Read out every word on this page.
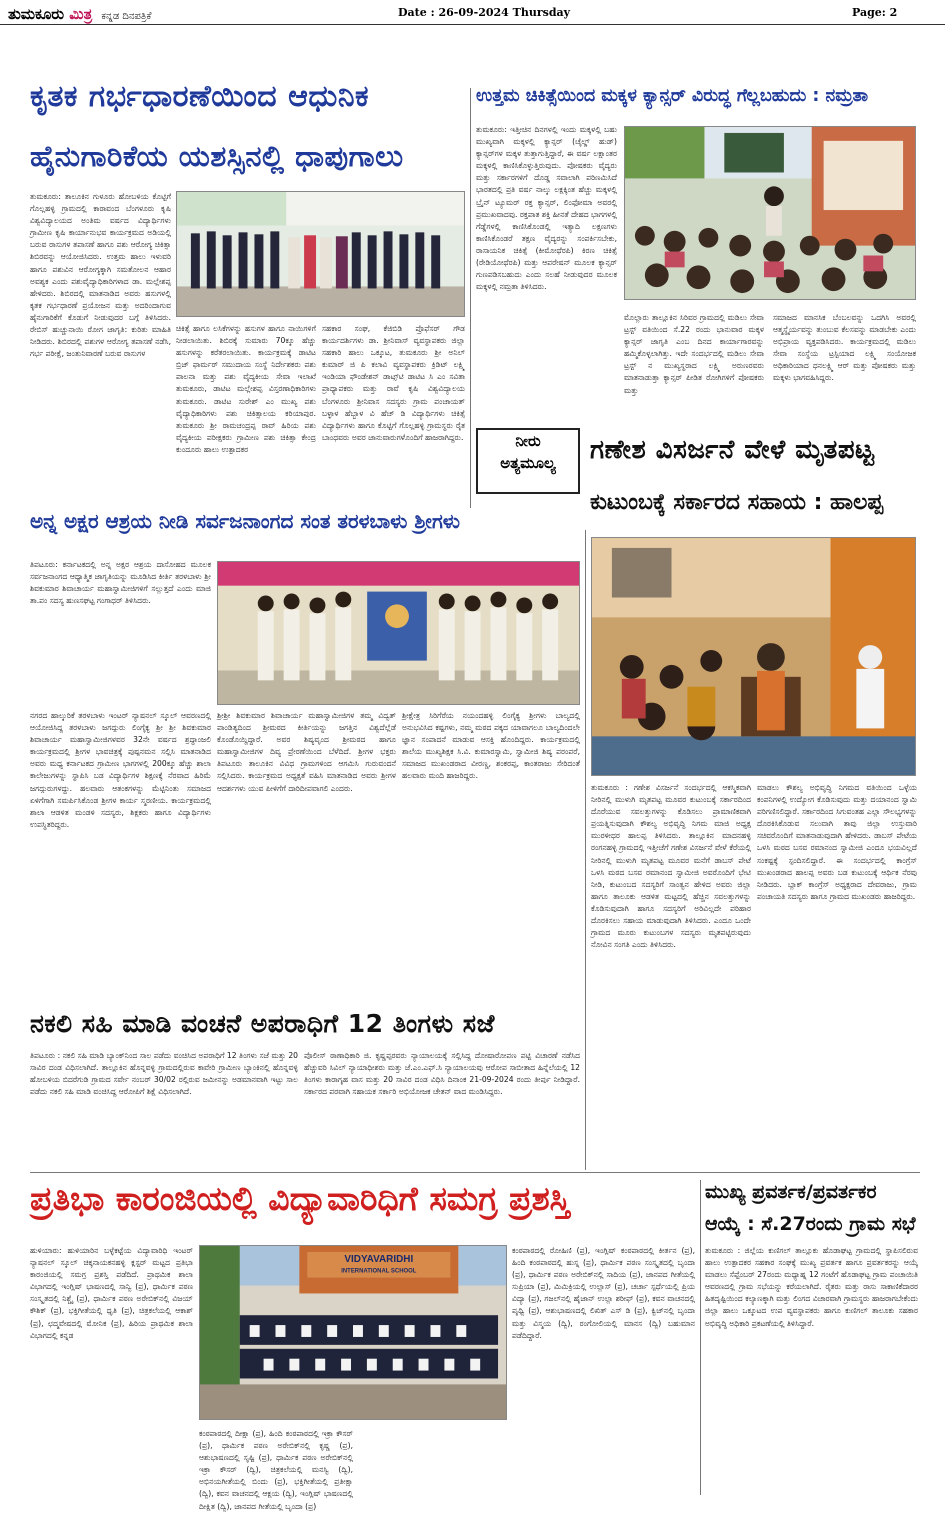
ತುಮಕೂರು ಮಿತ್ರ ಕನ್ನಡ ದಿನಪತ್ರಿಕೆ	Date : 26-09-2024 Thursday	Page: 2
ಕೃತಕ ಗರ್ಭಧಾರಣೆಯಿಂದ ಆಧುನಿಕ
ಹೈನುಗಾರಿಕೆಯ ಯಶಸ್ಸಿನಲ್ಲಿ ಧಾಪುಗಾಲು
ತುಮಕೂರು: ತಾಲೂಕಿನ ಗುಳೂರು ಹೋಬಳಿಯ ಕೊಟ್ಟಿಗೆ ಗೊಲ್ಲಹಳ್ಳಿ ಗ್ರಾಮದಲ್ಲಿ ಕಾರಾವಂದ ಬೆಂಗಳೂರು ಕೃಷಿ ವಿಶ್ವವಿದ್ಯಾಲಯದ ಅಂತಿಮ ವರ್ಷದ ವಿದ್ಯಾರ್ಥಿಗಳು ಗ್ರಾಮೀಣ ಕೃಷಿ ಕಾರ್ಯಾನುಭವ ಕಾರ್ಯಕ್ರಮದ ಅಡಿಯಲ್ಲಿ ಬರುವ ರಾಸುಗಳ ತಪಾಸಣೆ ಹಾಗೂ ಪಶು ಆರೋಗ್ಯ ಚಿಕಿತ್ಸಾ ಶಿಬಿರವನ್ನು ಆಯೋಜಿಸಿದರು. ಉತ್ತಮ ಹಾಲು ಇಳುವರಿ ಹಾಗೂ ಪಶುವಿನ ಆರೋಗ್ಯಕ್ಕಾಗಿ ಸಮತೋಲನ ಆಹಾರ ಅವಶ್ಯಕ ಎಂದು ಪಶುವೈದ್ಯಾಧಿಕಾರಿಗಳಾದ ಡಾ. ಮಲ್ಲೇಶಪ್ಪ ಹೇಳಿದರು. ಶಿಬಿರದಲ್ಲಿ ಮಾತನಾಡಿದ ಅವರು ಹಸುಗಳಲ್ಲಿ ಕೃತಕ ಗರ್ಭಧಾರಣೆ ಪ್ರಯೋಜನ ಮತ್ತು ಅದರಿಂದಾಗುವ ಹೈನುಗಾರಿಕೆಗೆ ಕೊಡುಗೆ ನೀಡುವುದರ ಬಗ್ಗೆ ತಿಳಿಸಿದರು. ರೇಬಿಸ್ ಹುಚ್ಚುನಾಯಿ ರೋಗ ಜಾಗೃತಿ: ಕುರಿತು ಮಾಹಿತಿ ನೀಡಿದರು. ಶಿಬಿರದಲ್ಲಿ ಪಶುಗಳ ಆರೋಗ್ಯ ತಪಾಸಣೆ ನಡೆಸಿ, ಗರ್ಭ ಪರೀಕ್ಷೆ, ಜಂತುನಿವಾರಣೆ ಬರುವ ರಾಸುಗಳ
ಚಿಕಿತ್ಸೆ ಹಾಗೂ ಲಸಿಕೆಗಳನ್ನು ಹಸುಗಳ ಹಾಗೂ ನಾಯಿಗಳಿಗೆ ನೀಡಲಾಯಿತು. ಶಿಬಿರಕ್ಕೆ ಸುಮಾರು 70ಕ್ಕೂ ಹೆಚ್ಚು ಹಸುಗಳನ್ನು ಕರೆತರಲಾಯಿತು. ಕಾರ್ಯಕ್ರಮಕ್ಕೆ ಡಾಟಿಟ ಬ್ರಿಜ್ ಫಾರ್ಮರ್ ಸಮುದಾಯ ಸಂಸ್ಥೆ ನಿರ್ದೇಶಕರು ಪಶು ಪಾಲನಾ ಮತ್ತು ಪಶು ವೈದ್ಯಕೀಯ ಸೇವಾ ಇಲಾಖೆ ತುಮಕೂರು, ಡಾಟಿಟ ಮಲ್ಲೇಶಪ್ಪ ವಿಸ್ತರಣಾಧಿಕಾರಿಗಳು ತುಮಕೂರು. ಡಾಟಿಟ ಸುರೇಶ್ ಎಂ ಮುಖ್ಯ ಪಶು ವೈದ್ಯಾಧಿಕಾರಿಗಳು ಪಶು ಚಿಕಿತ್ಸಾಲಯ ಕರಿಯಾಪುರ. ತುಮಕೂರು ಶ್ರೀ ರಾಮಚಂದ್ರಪ್ಪ ರಾವ್ ಹಿರಿಯ ಪಶು ವೈದ್ಯಕೀಯ ಪರೀಕ್ಷಕರು ಗ್ರಾಮೀಣ ಪಶು ಚಿಕಿತ್ಸಾ ಕೇಂದ್ರ ಕುಂದೂರು ಹಾಲು ಉತ್ಪಾದಕರ
ಸಹಕಾರ ಸಂಘ, ಕೆಜಿಬಿಡಿ ಪ್ರೊಫೆಸರ್ ಗೌಡ ಕಾರ್ಯದರ್ಶಿಗಳು ಡಾ. ಶ್ರೀನಿವಾಸ್ ವ್ಯವಸ್ಥಾಪಕರು ಜಿಲ್ಲಾ ಸಹಕಾರಿ ಹಾಲು ಒಕ್ಕೂಟ, ತುಮಕೂರು ಶ್ರೀ ಅನಿಲ್ ಕುಮಾರ್ ಜಿ ಪಿ ಕಲಾವಿ ವ್ಯವಸ್ಥಾಪಕರು ಕ್ರಿಡಿಟ್ ಲಕ್ಷ್ಮಿ ಇಂಡಿಯಾ ಫೌಂಡೇಶನ್ ಡಾಟ್ಸ್‌ಟಿ ಡಾಟಿಟ ಸಿ ಎಂ ಸವಿತಾ ಪ್ರಾಧ್ಯಾಪಕರು ಮತ್ತು ರಾವೆ ಕೃಷಿ ವಿಶ್ವವಿದ್ಯಾಲಯ ಬೆಂಗಳೂರು ಶ್ರೀನಿವಾಸ ಸದಸ್ಯರು ಗ್ರಾಮ ಪಂಚಾಯತ್ ಬಳ್ಳಾಳ ಹೆಬ್ಬಾಳ ವಿ ಹೆಚ್ ಡಿ ವಿದ್ಯಾರ್ಥಿಗಳು ಚಿಕಿತ್ಸೆ ವಿದ್ಯಾರ್ಥಿಗಳು ಹಾಗೂ ಕೊಟ್ಟಿಗೆ ಗೊಲ್ಲಹಳ್ಳಿ ಗ್ರಾಮಸ್ಥರು ರೈತ ಬಾಂಧವರು ಅವರ ಜಾನುವಾರುಗಳೊಂದಿಗೆ ಹಾಜರಾಗಿದ್ದರು.
ಉತ್ತಮ ಚಿಕಿತ್ಸೆಯಿಂದ ಮಕ್ಕಳ ಕ್ಯಾನ್ಸರ್ ವಿರುದ್ಧ ಗೆಲ್ಲಬಹುದು : ನಮ್ರತಾ
ತುಮಕೂರು: ಇತ್ತೀಚಿನ ದಿನಗಳಲ್ಲಿ ಇಂದು ಮಕ್ಕಳಲ್ಲಿ ಬಹು ಮುಖ್ಯವಾಗಿ ಮಕ್ಕಳಲ್ಲಿ ಕ್ಯಾನ್ಸರ್ (ಚೈಲ್ಡ್ ಹುಡ್) ಕ್ಯಾನ್ಸರ್‌ಗಳ ಮಕ್ಕಳ ತುತ್ತಾಗುತ್ತಿದ್ದಾರೆ, ಈ ವರ್ಷ ಲಕ್ಷಾಂತರ ಮಕ್ಕಳಲ್ಲಿ ಕಾಣಿಸಿಕೊಳ್ಳುತ್ತಿರುವುದು. ಪೋಷಕರು ವೈದ್ಯರು ಮತ್ತು ಸರ್ಕಾರಗಳಿಗೆ ದೊಡ್ಡ ಸವಾಲಾಗಿ ಪರಿಣಮಿಸಿದೆ ಭಾರತದಲ್ಲಿ ಪ್ರತಿ ವರ್ಷ ನಾಲ್ಕು ಲಕ್ಷಕ್ಕಿಂತ ಹೆಚ್ಚು ಮಕ್ಕಳಲ್ಲಿ ಬ್ರೈನ್ ಟ್ಯೂಮರ್ ರಕ್ತ ಕ್ಯಾನ್ಸರ್, ಲಿಂಫೋಮಾ ಅವರಲ್ಲಿ ಪ್ರಮುಖವಾದವು. ರಕ್ತಪಾತ ಶಕ್ತಿ ಹೀನತೆ ದೇಹದ ಭಾಗಗಳಲ್ಲಿ ಗೆಡ್ಡೆಗಳಲ್ಲಿ ಕಾಣಿಸಿಕೊಂಡಲ್ಲಿ ಇತ್ಯಾದಿ ಲಕ್ಷಣಗಳು ಕಾಣಿಸಿಕೊಂಡರೆ ತಕ್ಷಣ ವೈದ್ಯರನ್ನು ಸಂಪರ್ಕಿಸಬೇಕು, ರಾಸಾಯನಿಕ ಚಿಕಿತ್ಸೆ (ಕೀಮೋಥೆರಪಿ) ಕಿರಣ ಚಿಕಿತ್ಸೆ (ರೇಡಿಯೋಥೆರಪಿ) ಮತ್ತು ಆಪರೇಷನ್ ಮೂಲಕ ಕ್ಯಾನ್ಸರ್ ಗುಣಪಡಿಸಬಹುದು ಎಂದು ಸಲಹೆ ನೀಡುವುದರ ಮೂಲಕ ಮಕ್ಕಳಲ್ಲಿ ನಮ್ರತಾ ತಿಳಿಸಿದರು.
ಮೊಲ್ಲಾರು ತಾಲ್ಲೂಕಿನ ಸಿರಿವರ ಗ್ರಾಮದಲ್ಲಿ ಮಡಿಲು ಸೇವಾ ಟ್ರಸ್ಟ್ ವತಿಯಿಂದ ಸೆ.22 ರಂದು ಭಾನುವಾರ ಮಕ್ಕಳ ಕ್ಯಾನ್ಸರ್ ಜಾಗೃತಿ ಎಂಬ ದಿನದ ಕಾರ್ಯಾಗಾರವನ್ನು ಹಮ್ಮಿಕೊಳ್ಳಲಾಗಿತ್ತು. ಇದೇ ಸಂದರ್ಭದಲ್ಲಿ ಮಡಿಲು ಸೇವಾ ಟ್ರಸ್ಟ್ ನ ಮುಖ್ಯಸ್ಥರಾದ ಲಕ್ಷ್ಮಿ ಅರುಣರವರು ಮಾತನಾಡುತ್ತಾ ಕ್ಯಾನ್ಸರ್ ಪೀಡಿತ ರೋಗಿಗಳಿಗೆ ಪೋಷಕರು ಮತ್ತು
ಸಮಾಜದ ಮಾನಸಿಕ ಬೆಂಬಲವನ್ನು ಒದಗಿಸಿ ಅವರಲ್ಲಿ ಆತ್ಮಸ್ಥೈರ್ಯವನ್ನು ತುಂಬುವ ಕೆಲಸವನ್ನು ಮಾಡಬೇಕು ಎಂದು ಅಭಿಪ್ರಾಯ ವ್ಯಕ್ತಪಡಿಸಿದರು. ಕಾರ್ಯಕ್ರಮದಲ್ಲಿ ಮಡಿಲು ಸೇವಾ ಸಂಸ್ಥೆಯ ಟ್ರಸ್ಟಿಯಾದ ಲಕ್ಷ್ಮಿ ಸಂಯೋಜಕ ಅಧಿಕಾರಿಯಾದ ಧನಲಕ್ಷ್ಮಿ ಆರ್ ಮತ್ತು ಪೋಷಕರು ಮತ್ತು ಮಕ್ಕಳು ಭಾಗವಹಿಸಿದ್ದರು.
ನೀರು
ಅತ್ಯಮೂಲ್ಯ	ಗಣೇಶ ವಿಸರ್ಜನೆ ವೇಳೆ ಮೃತಪಟ್ಟ
ಕುಟುಂಬಕ್ಕೆ ಸರ್ಕಾರದ ಸಹಾಯ : ಹಾಲಪ್ಪ
ತುಮಕೂರು : ಗಣೇಶ ವಿಸರ್ಜನೆ ಸಂದರ್ಭದಲ್ಲಿ ಆಕಸ್ಮಿಕವಾಗಿ ನೀರಿನಲ್ಲಿ ಮುಳುಗಿ ಮೃತಪಟ್ಟ ಮೂವರ ಕುಟುಂಬಕ್ಕೆ ಸರ್ಕಾರದಿಂದ ದೊರೆಯುವ ಸವಲತ್ತುಗಳನ್ನು ಕೊಡಿಸಲು ಪ್ರಾಮಾಣಿಕವಾಗಿ ಪ್ರಯತ್ನಿಸುವುದಾಗಿ ಕೌಶಲ್ಯ ಅಭಿವೃದ್ಧಿ ನಿಗಮ ಮಾಜಿ ಅಧ್ಯಕ್ಷ ಮುರಳೀಧರ ಹಾಲಪ್ಪ ತಿಳಿಸಿದರು. ತಾಲ್ಲೂಕಿನ ಮಾದನಹಳ್ಳಿ ರಂಗನಹಳ್ಳಿ ಗ್ರಾಮದಲ್ಲಿ ಇತ್ತೀಚೆಗೆ ಗಣೇಶ ವಿಸರ್ಜನೆ ವೇಳೆ ಕೆರೆಯಲ್ಲಿ ನೀರಿನಲ್ಲಿ ಮುಳುಗಿ ಮೃತಪಟ್ಟ ಮೂವರ ಮನೆಗೆ ಡಾಬಸ್ ಪೇಟೆ ಒಳಸಿ ಮಠದ ಬಸವ ರಮಾನಂದ ಸ್ವಾಮೀಜಿ ಅವರೊಂದಿಗೆ ಭೇಟಿ ನೀಡಿ, ಕುಟುಂಬದ ಸದಸ್ಯರಿಗೆ ಸಾಂತ್ವನ ಹೇಳಿದ ಅವರು ಜಿಲ್ಲಾ ಹಾಗೂ ತಾಲೂಕು ಆಡಳಿತ ಮಟ್ಟದಲ್ಲಿ ಹೆಚ್ಚಿನ ಸವಲತ್ತುಗಳನ್ನು ಕೊಡಿಸುವುದಾಗಿ ಹಾಗೂ ಸದಸ್ಯರಿಗೆ ಅರಿವಿಲ್ಲದೇ ಪರಿಹಾರ ದೊರಕಿಸಲು ಸಹಾಯ ಮಾಡುವುದಾಗಿ ತಿಳಿಸಿದರು. ಎಂದೂ ಒಂದೇ ಗ್ರಾಮದ ಮೂರು ಕುಟುಂಬಗಳ ಸದಸ್ಯರು ಮೃತಪಟ್ಟಿರುವುದು ನೋವಿನ ಸಂಗತಿ ಎಂದು ತಿಳಿಸಿದರು.
ಮಾಡಲು ಕೌಶಲ್ಯ ಅಭಿವೃದ್ಧಿ ನಿಗಮದ ವತಿಯಿಂದ ಒಳ್ಳೆಯ ಕಂಪನಿಗಳಲ್ಲಿ ಉದ್ಯೋಗ ಕೊಡಿಸುವುದು ಮತ್ತು ದಯಾನಂದ ಸ್ವಾಮಿ ಪರಿಗಣಿಸಲಿದ್ದಾರೆ. ಸರ್ಕಾರದಿಂದ ಸಿಗುವಂತಹ ಎಲ್ಲಾ ಸೌಲಭ್ಯಗಳನ್ನು ದೊರಕಿಸಿಕೊಡುವ ಸಲುವಾಗಿ ತಾವು ಜಿಲ್ಲಾ ಉಸ್ತುವಾರಿ ಸಚಿವರೊಂದಿಗೆ ಮಾತನಾಡುವುದಾಗಿ ಹೇಳಿದರು. ಡಾಬಸ್ ಪೇಟೆಯ ಒಳಸಿ ಮಠದ ಬಸವ ರಮಾನಂದ ಸ್ವಾಮೀಜಿ ಎಂದೂ ಭಯವಿಲ್ಲದೆ ಸಂಕಷ್ಟಕ್ಕೆ ಸ್ಪಂದಿಸಲಿದ್ದಾರೆ. ಈ ಸಂದರ್ಭದಲ್ಲಿ ಕಾಂಗ್ರೆಸ್ ಮುಖಂಡರಾದ ಹಾಲಪ್ಪ ಅವರು ಬಡ ಕುಟುಂಬಕ್ಕೆ ಆರ್ಥಿಕ ನೆರವು ನೀಡಿದರು. ಬ್ಲಾಕ್ ಕಾಂಗ್ರೆಸ್ ಅಧ್ಯಕ್ಷರಾದ ದೇವರಾಜು, ಗ್ರಾಮ ಪಂಚಾಯತಿ ಸದಸ್ಯರು ಹಾಗೂ ಗ್ರಾಮದ ಮುಖಂಡರು ಹಾಜರಿದ್ದರು.
ಅನ್ನ ಅಕ್ಷರ ಆಶ್ರಯ ನೀಡಿ ಸರ್ವಜನಾಂಗದ ಸಂತ ತರಳಬಾಳು ಶ್ರೀಗಳು
ತಿಪಟೂರು: ಕರ್ನಾಟಕದಲ್ಲಿ ಅನ್ನ ಅಕ್ಷರ ಆಶ್ರಯ ದಾಸೋಹದ ಮೂಲಕ ಸರ್ವಜನಾಂಗದ ಆಧ್ಯಾತ್ಮಿಕ ಜಾಗೃತಿಯನ್ನು ಮೂಡಿಸಿದ ಕೀರ್ತಿ ತರಳಬಾಳು ಶ್ರೀ ಶಿವಕುಮಾರ ಶಿವಾಚಾರ್ಯ ಮಹಾಸ್ವಾಮೀಜಿಗಳಿಗೆ ಸಲ್ಲುತ್ತದೆ ಎಂದು ಮಾಜಿ ತಾ.ಪಂ ಸದಸ್ಯ ಹುಣಸಘಟ್ಟ ಗಂಗಾಧರ್ ತಿಳಿಸಿದರು.
ನಗರದ ಹಾಲ್ಕುರಿಕೆ ತರಳಬಾಳು ಇಂಟರ್ ನ್ಯಾಷನಲ್ ಸ್ಕೂಲ್ ಆವರಣದಲ್ಲಿ ಆಯೋಜಿಸಿದ್ದ ತರಳಬಾಳು ಜಗದ್ಗುರು ಲಿಂಗೈಕ್ಯ ಶ್ರೀ ಶ್ರೀ ಶಿವಕುಮಾರ ಶಿವಾಚಾರ್ಯ ಮಹಾಸ್ವಾಮೀಜಿಗಳವರ 32ನೇ ವರ್ಷದ ಶ್ರದ್ಧಾಂಜಲಿ ಕಾರ್ಯಕ್ರಮದಲ್ಲಿ ಶ್ರೀಗಳ ಭಾವಚಿತ್ರಕ್ಕೆ ಪುಷ್ಪನಮನ ಸಲ್ಲಿಸಿ ಮಾತನಾಡಿದ ಅವರು ಮಧ್ಯ ಕರ್ನಾಟಕದ ಗ್ರಾಮೀಣ ಭಾಗಗಳಲ್ಲಿ 200ಕ್ಕೂ ಹೆಚ್ಚು ಶಾಲಾ ಕಾಲೇಜುಗಳನ್ನು ಸ್ಥಾಪಿಸಿ ಬಡ ವಿದ್ಯಾರ್ಥಿಗಳ ಶಿಕ್ಷಣಕ್ಕೆ ನೆರವಾದ ಹಿರಿಮೆ ಜಗದ್ಗುರುಗಳದ್ದು. ಹಲವಾರು ಆತಂಕಗಳನ್ನು ಮೆಟ್ಟಿನಿಂತು ಸಮಾಜದ ಏಳಿಗೆಗಾಗಿ ಸಮರ್ಪಿಸಿಕೊಂಡ ಶ್ರೀಗಳ ಕಾರ್ಯ ಸ್ಮರಣೀಯ. ಕಾರ್ಯಕ್ರಮದಲ್ಲಿ ಶಾಲಾ ಆಡಳಿತ ಮಂಡಳಿ ಸದಸ್ಯರು, ಶಿಕ್ಷಕರು ಹಾಗೂ ವಿದ್ಯಾರ್ಥಿಗಳು ಉಪಸ್ಥಿತರಿದ್ದರು.
ಶ್ರೀಶ್ರೀ ಶಿವಕುಮಾರ ಶಿವಾಚಾರ್ಯ ಮಹಾಸ್ವಾಮೀಜಿಗಳ ತಮ್ಮ ವಿದ್ವತ್ ಪಾಂಡಿತ್ಯದಿಂದ ಶ್ರೀಮಠದ ಕೀರ್ತಿಯನ್ನು ಜಗತ್ತಿನ ವಿಶ್ವದೆಲ್ಲೆಡೆ ಕೊಂಡೊಯ್ದಿದ್ದಾರೆ. ಅವರ ಶಿಷ್ಯವೃಂದ ಶ್ರೀಮಠದ ಹಾಗೂ ಮಹಾಸ್ವಾಮೀಜಿಗಳ ದಿವ್ಯ ಪ್ರೇರಣೆಯಿಂದ ಬೆಳೆದಿದೆ. ಶ್ರೀಗಳ ಭಕ್ತರು ತಿಪಟೂರು ತಾಲೂಕಿನ ವಿವಿಧ ಗ್ರಾಮಗಳಿಂದ ಆಗಮಿಸಿ ಗುರುವಂದನೆ ಸಲ್ಲಿಸಿದರು. ಕಾರ್ಯಕ್ರಮದ ಅಧ್ಯಕ್ಷತೆ ವಹಿಸಿ ಮಾತನಾಡಿದ ಅವರು ಶ್ರೀಗಳ ಆದರ್ಶಗಳು ಯುವ ಪೀಳಿಗೆಗೆ ದಾರಿದೀಪವಾಗಲಿ ಎಂದರು.
ಶ್ರೀಕ್ಷೇತ್ರ ಸಿರಿಗೆರೆಯ ನಯಂದಹಳ್ಳಿ ಲಿಂಗೈಕ್ಯ ಶ್ರೀಗಳು ಬಾಲ್ಯದಲ್ಲಿ ಅನುಭವಿಸಿದ ಕಷ್ಟಗಳು, ನಮ್ಮ ಮಠದ ಪಕ್ಕದ ಯಾವಾಗಲೂ ಬಾಲ್ಯದಿಂದಲೇ ಜ್ಞಾನ ಸಂಪಾದನೆ ಮಾಡುವ ಆಸಕ್ತಿ ಹೊಂದಿದ್ದರು. ಕಾರ್ಯಕ್ರಮದಲ್ಲಿ ಶಾಲೆಯ ಮುಖ್ಯಶಿಕ್ಷಕ ಸಿ.ವಿ. ಕುಮಾರಸ್ವಾಮಿ, ಸ್ವಾಮೀಜಿ ಶಿಷ್ಯ ಪರಂಪರೆ, ಸಮಾಜದ ಮುಖಂಡರಾದ ವೀರಣ್ಣ, ಶಂಕರಪ್ಪ, ಕಾಂತರಾಜು ಸೇರಿದಂತೆ ಹಲವಾರು ಮಂದಿ ಹಾಜರಿದ್ದರು.
ನಕಲಿ ಸಹಿ ಮಾಡಿ ವಂಚನೆ ಅಪರಾಧಿಗೆ 12 ತಿಂಗಳು ಸಜೆ
ತಿಪಟೂರು : ನಕಲಿ ಸಹಿ ಮಾಡಿ ಬ್ಯಾಂಕ್‌ನಿಂದ ಸಾಲ ಪಡೆದು ವಂಚಿಸಿದ ಅಪರಾಧಿಗೆ 12 ತಿಂಗಳು ಸಜೆ ಮತ್ತು 20 ಸಾವಿರ ದಂಡ ವಿಧಿಸಲಾಗಿದೆ. ತಾಲ್ಲೂಕಿನ ಹೊನ್ನವಳ್ಳಿ ಗ್ರಾಮದಲ್ಲಿರುವ ಕಾವೇರಿ ಗ್ರಾಮೀಣ ಬ್ಯಾಂಕಿನಲ್ಲಿ ಹೊನ್ನವಳ್ಳಿ ಹೋಬಳಿಯ ಬಿದರೆಗುಡಿ ಗ್ರಾಮದ ಸರ್ವೇ ನಂಬರ್ 30/02 ರಲ್ಲಿರುವ ಜಮೀನನ್ನು ಅಡಮಾನವಾಗಿ ಇಟ್ಟು ಸಾಲ ಪಡೆದು ನಕಲಿ ಸಹಿ ಮಾಡಿ ವಂಚಿಸಿದ್ದ ಆರೋಪಿಗೆ ಶಿಕ್ಷೆ ವಿಧಿಸಲಾಗಿದೆ.
ಪೊಲೀಸ್ ಠಾಣಾಧಿಕಾರಿ ಜಿ. ಕೃಷ್ಣಪ್ಪರವರು ನ್ಯಾಯಾಲಯಕ್ಕೆ ಸಲ್ಲಿಸಿದ್ದ ದೋಷಾರೋಪಣ ಪಟ್ಟಿ ವಿಚಾರಣೆ ನಡೆಸಿದ ಹೆಚ್ಚುವರಿ ಸಿವಿಲ್ ನ್ಯಾಯಾಧೀಶರು ಮತ್ತು ಜೆ.ಎಂ.ಎಫ್.ಸಿ ನ್ಯಾಯಾಲಯವು ಆರೋಪ ಸಾಬೀತಾದ ಹಿನ್ನೆಲೆಯಲ್ಲಿ 12 ತಿಂಗಳು ಕಾರಾಗೃಹ ವಾಸ ಮತ್ತು 20 ಸಾವಿರ ದಂಡ ವಿಧಿಸಿ ದಿನಾಂಕ 21-09-2024 ರಂದು ತೀರ್ಪು ನೀಡಿದ್ದಾರೆ. ಸರ್ಕಾರದ ಪರವಾಗಿ ಸಹಾಯಕ ಸರ್ಕಾರಿ ಅಭಿಯೋಜಕ ಚೇತನ್ ವಾದ ಮಂಡಿಸಿದ್ದರು.
ಪ್ರತಿಭಾ ಕಾರಂಜಿಯಲ್ಲಿ ವಿದ್ಯಾವಾರಿಧಿಗೆ ಸಮಗ್ರ ಪ್ರಶಸ್ತಿ
ಹುಳಿಯಾರು: ಹುಳಿಯಾರಿನ ಬಳ್ಳೆಕಟ್ಟೆಯ ವಿದ್ಯಾವಾರಿಧಿ ಇಂಟರ್ ನ್ಯಾಷನಲ್ ಸ್ಕೂಲ್ ಚಿಕ್ಕನಾಯಕನಹಳ್ಳಿ ಕ್ಲಸ್ಟರ್ ಮಟ್ಟದ ಪ್ರತಿಭಾ ಕಾರಂಜಿಯಲ್ಲಿ ಸಮಗ್ರ ಪ್ರಶಸ್ತಿ ಪಡೆದಿದೆ. ಪ್ರಾಥಮಿಕ ಶಾಲಾ ವಿಭಾಗದಲ್ಲಿ ಇಂಗ್ಲಿಷ್ ಭಾಷಣದಲ್ಲಿ ಸಾನ್ವಿ (ಪ್ರ), ಧಾರ್ಮಿಕ ಪಠಣ ಸಂಸ್ಕೃತದಲ್ಲಿ ನಿಶ್ಚೈ (ಪ್ರ), ಧಾರ್ಮಿಕ ಪಠಣ ಅರೇಬಿಕ್‌ನಲ್ಲಿ ವಿಜಯ್ ಕೌಶಿಕ್ (ಪ್ರ), ಭಕ್ತಿಗೀತೆಯಲ್ಲಿ ಧೃತಿ (ಪ್ರ), ಚಿತ್ರಕಲೆಯಲ್ಲಿ ಆಕಾಶ್ (ಪ್ರ), ಛದ್ಮವೇಷದಲ್ಲಿ ಮೋನಿಕ (ಪ್ರ), ಹಿರಿಯ ಪ್ರಾಥಮಿಕ ಶಾಲಾ ವಿಭಾಗದಲ್ಲಿ ಕನ್ನಡ
VIDYAVARIDHI
INTERNATIONAL SCHOOL
ಕಂಠಪಾಠದಲ್ಲಿ ದೀಕ್ಷಾ (ಪ್ರ), ಹಿಂದಿ ಕಂಠಪಾಠದಲ್ಲಿ ಇಕ್ರಾ ಕೌಸರ್ (ಪ್ರ), ಧಾರ್ಮಿಕ ಪಠಣ ಅರೇಬಿಕ್‌ನಲ್ಲಿ ಕೃಷ್ಣ (ಪ್ರ), ಆಶುಭಾಷಣದಲ್ಲಿ ಸೃಷ್ಟಿ (ಪ್ರ), ಧಾರ್ಮಿಕ ಪಠಣ ಅರೇಬಿಕ್‌ನಲ್ಲಿ ಇಕ್ರಾ ಕೌಸರ್ (ದ್ವಿ), ಚಿತ್ರಕಲೆಯಲ್ಲಿ ಮನಸ್ವಿ (ದ್ವಿ), ಅಭಿನಯಗೀತೆಯಲ್ಲಿ ಬಿಂದು (ಪ್ರ), ಭಕ್ತಿಗೀತೆಯಲ್ಲಿ ಪ್ರತೀಕ್ಷಾ (ದ್ವಿ), ಕವನ ವಾಚನದಲ್ಲಿ ಆಕ್ಷಯ (ದ್ವಿ), ಇಂಗ್ಲಿಷ್ ಭಾಷಣದಲ್ಲಿ ದೀಕ್ಷಿತ (ದ್ವಿ), ಜಾನಪದ ಗೀತೆಯಲ್ಲಿ ಬೃಂದಾ (ಪ್ರ)
ಕಂಠಪಾಠದಲ್ಲಿ ರೋಹಿಣಿ (ಪ್ರ), ಇಂಗ್ಲಿಷ್ ಕಂಠಪಾಠದಲ್ಲಿ ಕೀರ್ತನ (ಪ್ರ), ಹಿಂದಿ ಕಂಠಪಾಠದಲ್ಲಿ ಹುಸ್ನ (ಪ್ರ), ಧಾರ್ಮಿಕ ಪಠಣ ಸಂಸ್ಕೃತದಲ್ಲಿ ಬೃಂದಾ (ಪ್ರ), ಧಾರ್ಮಿಕ ಪಠಣ ಅರೇಬಿಕ್‌ನಲ್ಲಿ ಸಾದಿಯ (ಪ್ರ), ಜಾನಪದ ಗೀತೆಯಲ್ಲಿ ಸುಪ್ರಿಯಾ (ಪ್ರ), ಮಿಮಿಕ್ರಿಯಲ್ಲಿ ಉಲ್ಲಾಸ್ (ಪ್ರ), ಚರ್ಚಾ ಸ್ಪರ್ಧೆಯಲ್ಲಿ ಪ್ರಿಯ ವಿದ್ಯಾ (ಪ್ರ), ಗಜಲ್‌ನಲ್ಲಿ ಹೈಜಾನ್ ಉಲ್ಲಾ ಶರೀಫ್ (ಪ್ರ), ಕವನ ವಾಚನದಲ್ಲಿ ಪೃಥ್ವಿ (ಪ್ರ), ಆಶುಭಾಷಣದಲ್ಲಿ ಲಿಖಿತ್ ಎಸ್ ಡಿ (ಪ್ರ), ಕ್ವಿಜ್‌ನಲ್ಲಿ ಬೃಂದಾ ಮತ್ತು ವಿಸ್ಮಯ (ದ್ವಿ), ರಂಗೋಲಿಯಲ್ಲಿ ಮಾನಸ (ದ್ವಿ) ಬಹುಮಾನ ಪಡೆದಿದ್ದಾರೆ.
ಮುಖ್ಯ ಪ್ರವರ್ತಕ/ಪ್ರವರ್ತಕರ
ಆಯ್ಕೆ : ಸೆ.27ರಂದು ಗ್ರಾಮ ಸಭೆ
ತುಮಕೂರು : ಜಿಲ್ಲೆಯ ಕುಣಿಗಲ್ ತಾಲ್ಲೂಕು ಹೊಡಾಘಟ್ಟ ಗ್ರಾಮದಲ್ಲಿ ಸ್ಥಾಪಿಸಲಿರುವ ಹಾಲು ಉತ್ಪಾದಕರ ಸಹಕಾರ ಸಂಘಕ್ಕೆ ಮುಖ್ಯ ಪ್ರವರ್ತಕ ಹಾಗೂ ಪ್ರವರ್ತಕರನ್ನು ಆಯ್ಕೆ ಮಾಡಲು ಸೆಪ್ಟೆಂಬರ್ 27ರಂದು ಮಧ್ಯಾಹ್ನ 12 ಗಂಟೆಗೆ ಹೊಡಾಘಟ್ಟ ಗ್ರಾಮ ಪಂಚಾಯಿತಿ ಆವರಣದಲ್ಲಿ ಗ್ರಾಮ ಸಭೆಯನ್ನು ಕರೆಯಲಾಗಿದೆ. ರೈತರು ಮತ್ತು ರಾಸು ಸಾಕಾಣಿಕೆದಾರರ ಹಿತದೃಷ್ಟಿಯಿಂದ ಕಲ್ಯಾಣಕ್ಕಾಗಿ ಮತ್ತು ಲಿಂಗದ ವಿಚಾರವಾಗಿ ಗ್ರಾಮಸ್ಥರು ಹಾಜರಾಗಬೇಕೆಂದು ಜಿಲ್ಲಾ ಹಾಲು ಒಕ್ಕೂಟದ ಉಪ ವ್ಯವಸ್ಥಾಪಕರು ಹಾಗೂ ಕುಣಿಗಲ್ ತಾಲೂಕು ಸಹಕಾರ ಅಭಿವೃದ್ಧಿ ಅಧಿಕಾರಿ ಪ್ರಕಟಣೆಯಲ್ಲಿ ತಿಳಿಸಿದ್ದಾರೆ.
